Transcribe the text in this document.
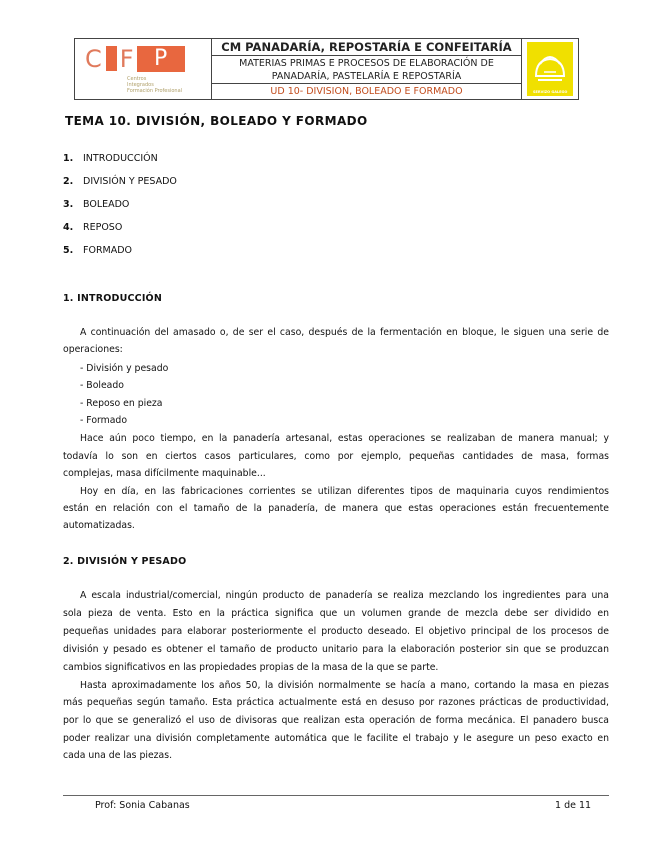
C F P
Centros
Integrados
Formación Profesional
CM PANADARÍA, REPOSTARÍA E CONFEITARÍA
MATERIAS PRIMAS E PROCESOS DE ELABORACIÓN DE
PANADARÍA, PASTELARÍA E REPOSTARÍA
UD 10- DIVISION, BOLEADO E FORMADO	SERVIZO GALEGO
TEMA 10. DIVISIÓN, BOLEADO Y FORMADO
1. INTRODUCCIÓN
2. DIVISIÓN Y PESADO
3. BOLEADO
4. REPOSO
5. FORMADO
1. INTRODUCCIÓN
A continuación del amasado o, de ser el caso, después de la fermentación en bloque, le siguen una serie de
operaciones:
- División y pesado
- Boleado
- Reposo en pieza
- Formado
Hace aún poco tiempo, en la panadería artesanal, estas operaciones se realizaban de manera manual; y
todavía lo son en ciertos casos particulares, como por ejemplo, pequeñas cantidades de masa, formas
complejas, masa difícilmente maquinable...
Hoy en día, en las fabricaciones corrientes se utilizan diferentes tipos de maquinaria cuyos rendimientos
están en relación con el tamaño de la panadería, de manera que estas operaciones están frecuentemente
automatizadas.
2. DIVISIÓN Y PESADO
A escala industrial/comercial, ningún producto de panadería se realiza mezclando los ingredientes para una
sola pieza de venta. Esto en la práctica significa que un volumen grande de mezcla debe ser dividido en
pequeñas unidades para elaborar posteriormente el producto deseado. El objetivo principal de los procesos de
división y pesado es obtener el tamaño de producto unitario para la elaboración posterior sin que se produzcan
cambios significativos en las propiedades propias de la masa de la que se parte.
Hasta aproximadamente los años 50, la división normalmente se hacía a mano, cortando la masa en piezas
más pequeñas según tamaño. Esta práctica actualmente está en desuso por razones prácticas de productividad,
por lo que se generalizó el uso de divisoras que realizan esta operación de forma mecánica. El panadero busca
poder realizar una división completamente automática que le facilite el trabajo y le asegure un peso exacto en
cada una de las piezas.
Prof: Sonia Cabanas	1 de 11
